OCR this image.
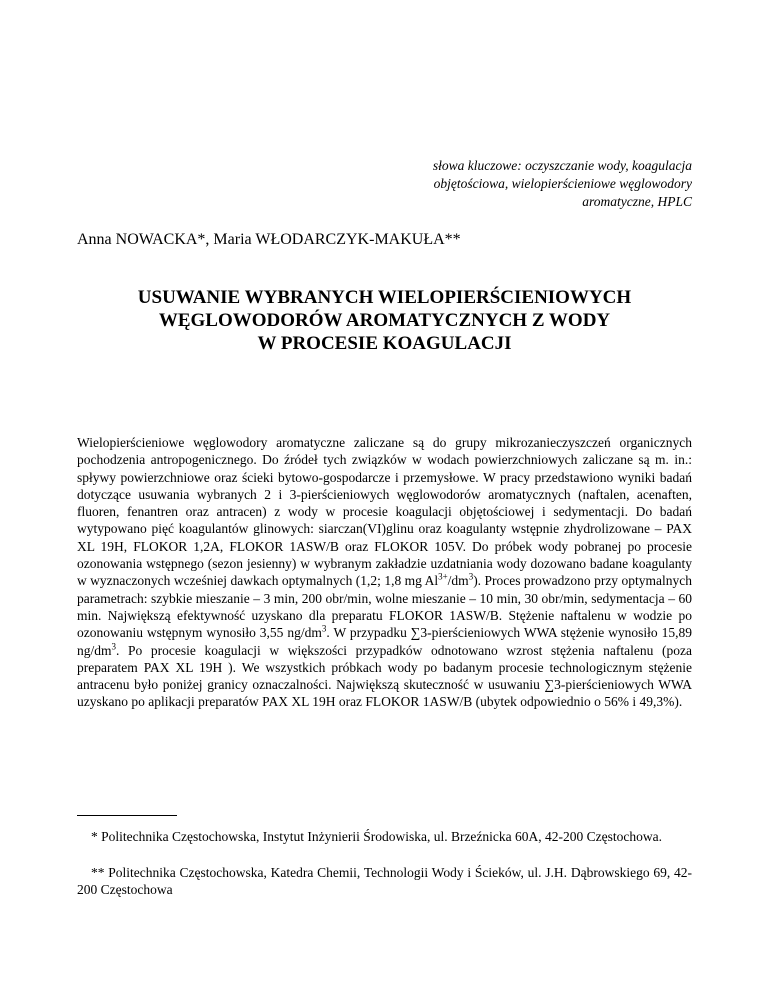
słowa kluczowe: oczyszczanie wody, koagulacja
objętościowa, wielopierścieniowe węglowodory
aromatyczne, HPLC
Anna NOWACKA*, Maria WŁODARCZYK-MAKUŁA**
USUWANIE WYBRANYCH WIELOPIERŚCIENIOWYCH
WĘGLOWODORÓW AROMATYCZNYCH Z WODY
W PROCESIE KOAGULACJI
Wielopierścieniowe węglowodory aromatyczne zaliczane są do grupy mikrozanieczyszczeń organicznych pochodzenia antropogenicznego. Do źródeł tych związków w wodach powierzchniowych zaliczane są m. in.: spływy powierzchniowe oraz ścieki bytowo-gospodarcze i przemysłowe. W pracy przedstawiono wyniki badań dotyczące usuwania wybranych 2 i 3-pierścieniowych węglowodorów aromatycznych (naftalen, acenaften, fluoren, fenantren oraz antracen) z wody w procesie koagulacji objętościowej i sedymentacji. Do badań wytypowano pięć koagulantów glinowych: siarczan(VI)glinu oraz koagulanty wstępnie zhydrolizowane – PAX XL 19H, FLOKOR 1,2A, FLOKOR 1ASW/B oraz FLOKOR 105V. Do próbek wody pobranej po procesie ozonowania wstępnego (sezon jesienny) w wybranym zakładzie uzdatniania wody dozowano badane koagulanty w wyznaczonych wcześniej dawkach optymalnych (1,2; 1,8 mg $Al^{3+}/dm^3$). Proces prowadzono przy optymalnych parametrach: szybkie mieszanie – 3 min, 200 obr/min, wolne mieszanie – 10 min, 30 obr/min, sedymentacja – 60 min. Największą efektywność uzyskano dla preparatu FLOKOR 1ASW/B. Stężenie naftalenu w wodzie po ozonowaniu wstępnym wynosiło 3,55 $ng/dm^3$. W przypadku ∑3-pierścieniowych WWA stężenie wynosiło 15,89 $ng/dm^3$. Po procesie koagulacji w większości przypadków odnotowano wzrost stężenia naftalenu (poza preparatem PAX XL 19H ). We wszystkich próbkach wody po badanym procesie technologicznym stężenie antracenu było poniżej granicy oznaczalności. Największą skuteczność w usuwaniu ∑3-pierścieniowych WWA uzyskano po aplikacji preparatów PAX XL 19H oraz FLOKOR 1ASW/B (ubytek odpowiednio o 56% i 49,3%).
* Politechnika Częstochowska, Instytut Inżynierii Środowiska, ul. Brzeźnicka 60A, 42-200 Częstochowa.
** Politechnika Częstochowska, Katedra Chemii, Technologii Wody i Ścieków, ul. J.H. Dąbrowskiego 69, 42-200 Częstochowa
